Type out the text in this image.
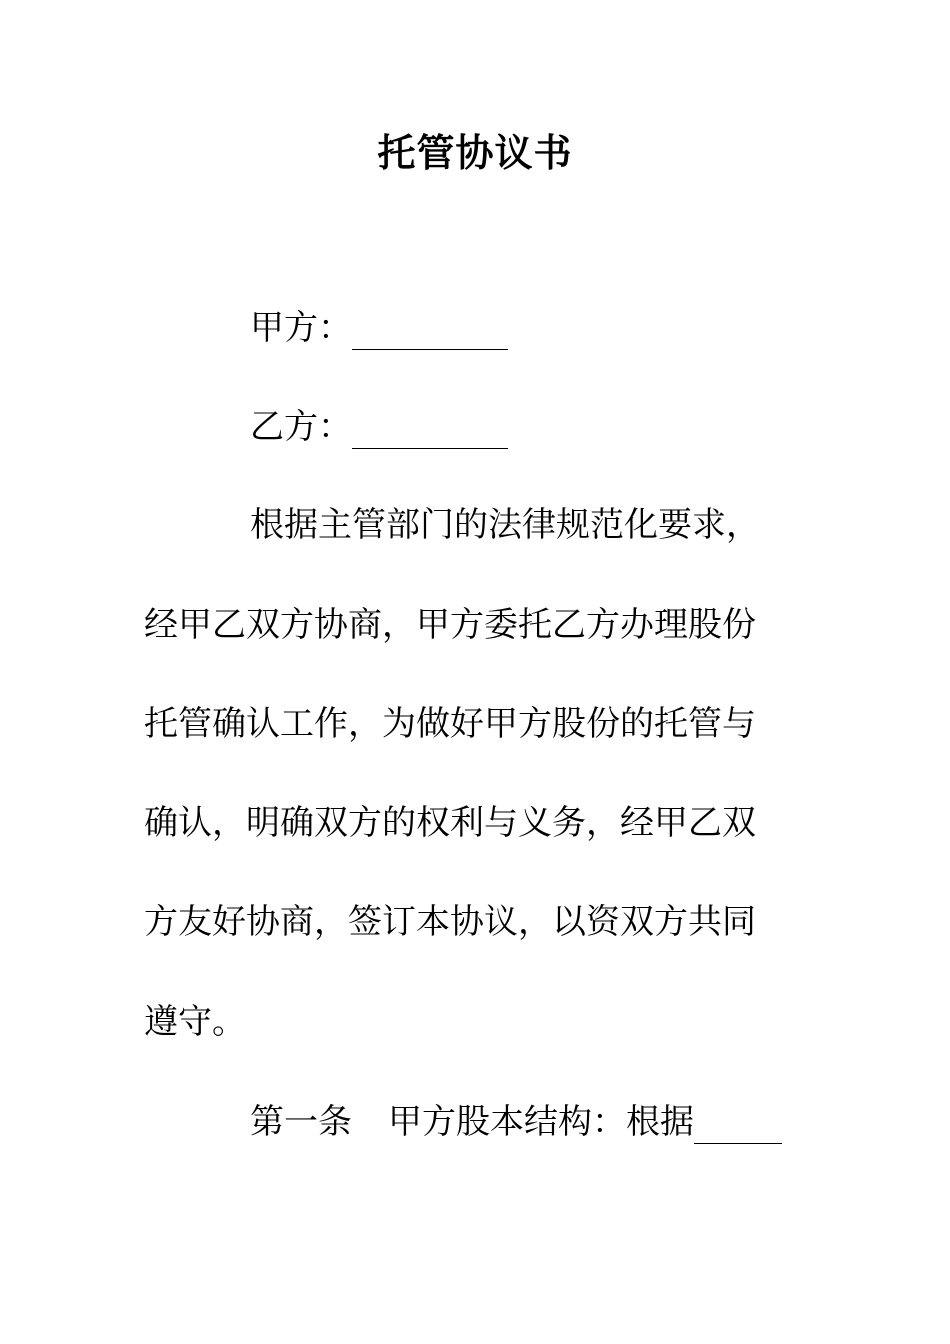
托管协议书
甲方：
乙方：
根据主管部门的法律规范化要求，
经甲乙双方协商，甲方委托乙方办理股份
托管确认工作，为做好甲方股份的托管与
确认，明确双方的权利与义务，经甲乙双
方友好协商，签订本协议，以资双方共同
遵守。
第一条 甲方股本结构：根据
